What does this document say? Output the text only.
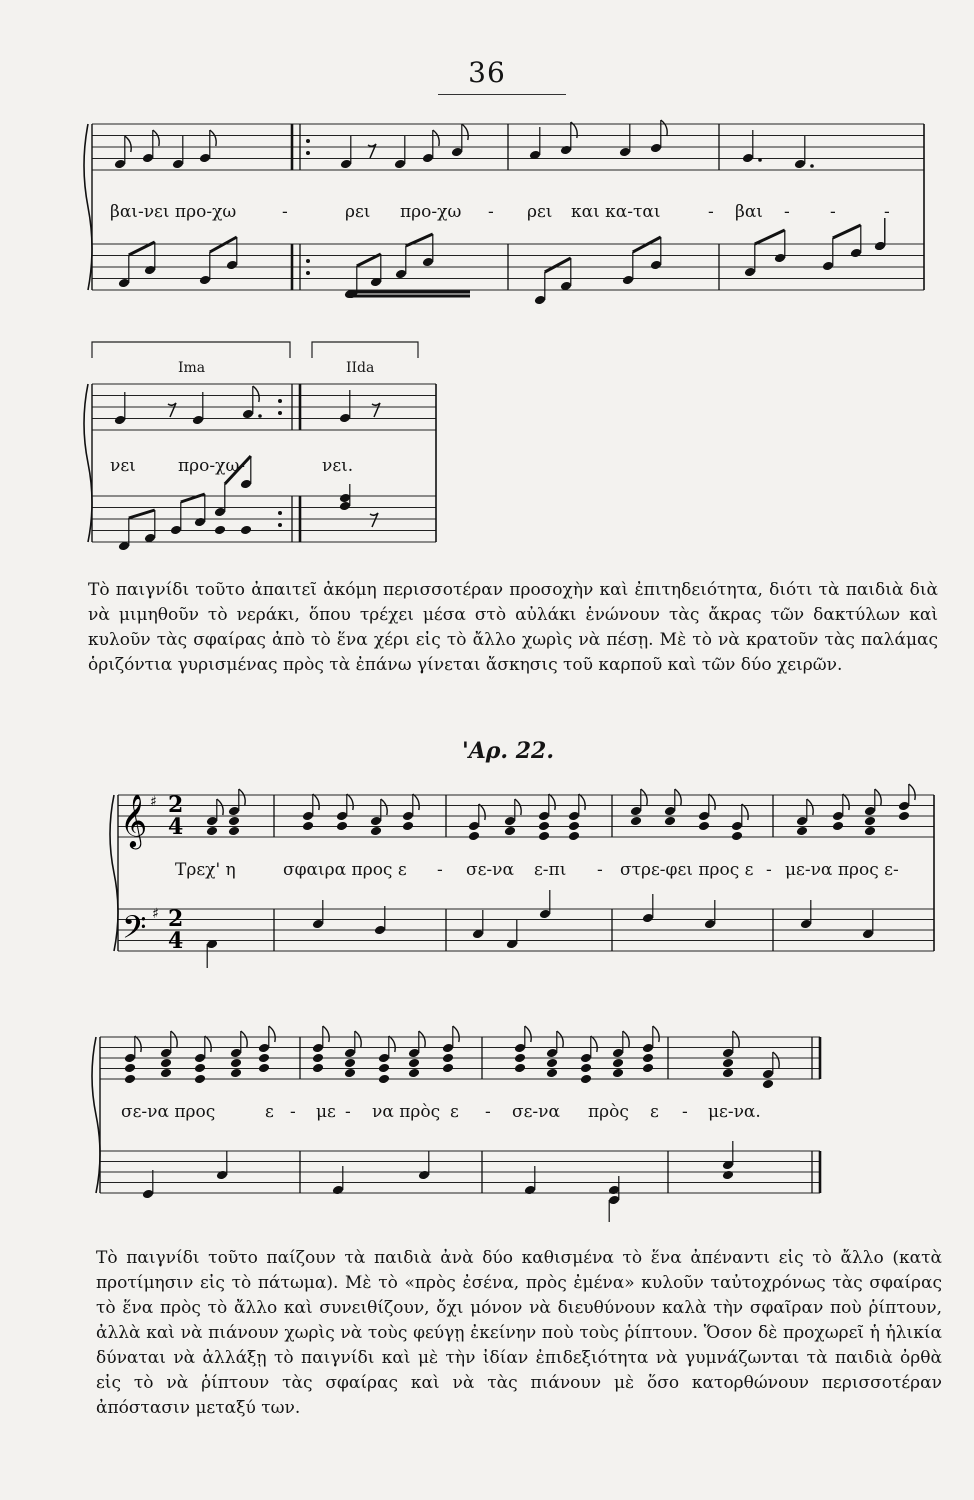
36
𝄞
𝄢
♯
♯
2
4
2
4
βαι-νει προ-χω	-	ρει προ-χω - ρει και κα-ται	- βαι - -	-
Ima	IIda
νει προ-χω-	νει.

Τὸ παιγνίδι τοῦτο ἀπαιτεῖ ἀκόμη περισσοτέραν προσοχὴν καὶ ἐπιτηδειότητα, διότι τὰ παιδιὰ διὰ νὰ μιμηθοῦν τὸ νεράκι, ὅπου τρέχει μέσα στὸ αὐλάκι ἑνώνουν τὰς ἄκρας τῶν δακτύλων καὶ κυλοῦν τὰς σφαίρας ἀπὸ τὸ ἕνα χέρι εἰς τὸ ἄλλο χωρὶς νὰ πέσῃ. Μὲ τὸ νὰ κρατοῦν τὰς παλάμας ὁριζόντια γυρισμένας πρὸς τὰ ἐπάνω γίνεται ἄσκησις τοῦ καρποῦ καὶ τῶν δύο χειρῶν.

'Αρ. 22.
Τρεχ' η	σφαιρα προς ε - σε-να ε-πι - στρε-φει προς ε - με-να προς ε-
σε-να προς	ε - με - να πρὸς ε - σε-να πρὸς ε - με-να.

Τὸ παιγνίδι τοῦτο παίζουν τὰ παιδιὰ ἀνὰ δύο καθισμένα τὸ ἕνα ἀπέναντι εἰς τὸ ἄλλο (κατὰ προτίμησιν εἰς τὸ πάτωμα). Μὲ τὸ «πρὸς ἐσένα, πρὸς ἐμένα» κυλοῦν ταὐτοχρόνως τὰς σφαίρας τὸ ἕνα πρὸς τὸ ἄλλο καὶ συνειθίζουν, ὄχι μόνον νὰ διευθύνουν καλὰ τὴν σφαῖραν ποὺ ῥίπτουν, ἀλλὰ καὶ νὰ πιάνουν χωρὶς νὰ τοὺς φεύγῃ ἐκείνην ποὺ τοὺς ῥίπτουν. Ὅσον δὲ προχωρεῖ ἡ ἡλικία δύναται νὰ ἀλλάξῃ τὸ παιγνίδι καὶ μὲ τὴν ἰδίαν ἐπιδεξιότητα νὰ γυμνάζωνται τὰ παιδιὰ ὀρθὰ εἰς τὸ νὰ ῥίπτουν τὰς σφαίρας καὶ νὰ τὰς πιάνουν μὲ ὅσο κατορθώνουν περισσοτέραν ἀπόστασιν μεταξύ των.
